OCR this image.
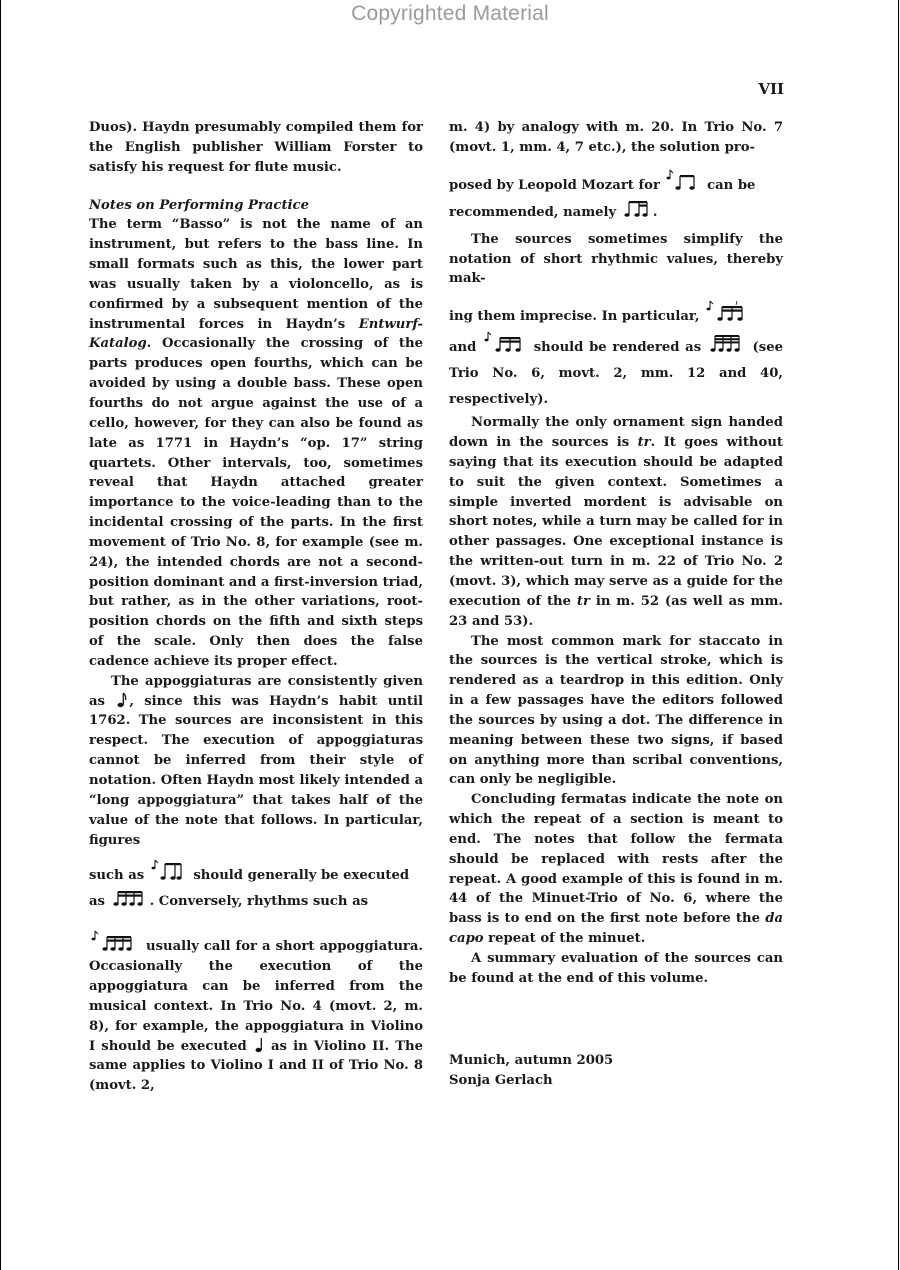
Copyrighted Material
VII

Duos). Haydn presumably compiled them for the English publisher William Forster to satisfy his request for flute music.

Notes on Performing Practice

The term “Basso” is not the name of an instrument, but refers to the bass line. In small formats such as this, the lower part was usually taken by a violoncello, as is confirmed by a subsequent mention of the instrumental forces in Haydn’s Entwurf-Katalog. Occasionally the crossing of the parts produces open fourths, which can be avoided by using a double bass. These open fourths do not argue against the use of a cello, however, for they can also be found as late as 1771 in Haydn’s “op. 17” string quartets. Other intervals, too, sometimes reveal that Haydn attached greater importance to the voice-leading than to the incidental crossing of the parts. In the first movement of Trio No. 8, for example (see m. 24), the intended chords are not a second-position dominant and a first-inversion triad, but rather, as in the other variations, root-position chords on the fifth and sixth steps of the scale. Only then does the false cadence achieve its proper effect.

The appoggiaturas are consistently given as
, since this was Haydn’s habit until 1762. The sources are inconsistent in this respect. The execution of appoggiaturas cannot be inferred from their style of notation. Often Haydn most likely intended a “long appoggiatura” that takes half of the value of the note that follows. In particular, figures

such as	should generally be executed

as	. Conversely, rhythms such as

usually call for a short appoggiatura. Occasionally the execution of the appoggiatura can be inferred from the musical context. In Trio No. 4 (movt. 2, m. 8), for example, the appoggiatura in Violino I should be executed
as in Violino II. The same applies to Violino I and II of Trio No. 8 (movt. 2,

m. 4) by analogy with m. 20. In Trio No. 7 (movt. 1, mm. 4, 7 etc.), the solution pro-

posed by Leopold Mozart for	can be

recommended, namely
.

The sources sometimes simplify the notation of short rhythmic values, thereby mak-

ing them imprecise. In particular,

and	should be rendered as	(see Trio No. 6, movt. 2, mm. 12 and 40, respectively).

Normally the only ornament sign handed down in the sources is tr. It goes without saying that its execution should be adapted to suit the given context. Sometimes a simple inverted mordent is advisable on short notes, while a turn may be called for in other passages. One exceptional instance is the written-out turn in m. 22 of Trio No. 2 (movt. 3), which may serve as a guide for the execution of the tr in m. 52 (as well as mm. 23 and 53).

The most common mark for staccato in the sources is the vertical stroke, which is rendered as a teardrop in this edition. Only in a few passages have the editors followed the sources by using a dot. The difference in meaning between these two signs, if based on anything more than scribal conventions, can only be negligible.

Concluding fermatas indicate the note on which the repeat of a section is meant to end. The notes that follow the fermata should be replaced with rests after the repeat. A good example of this is found in m. 44 of the Minuet-Trio of No. 6, where the bass is to end on the first note before the da capo repeat of the minuet.

A summary evaluation of the sources can be found at the end of this volume.

Munich, autumn 2005

Sonja Gerlach
